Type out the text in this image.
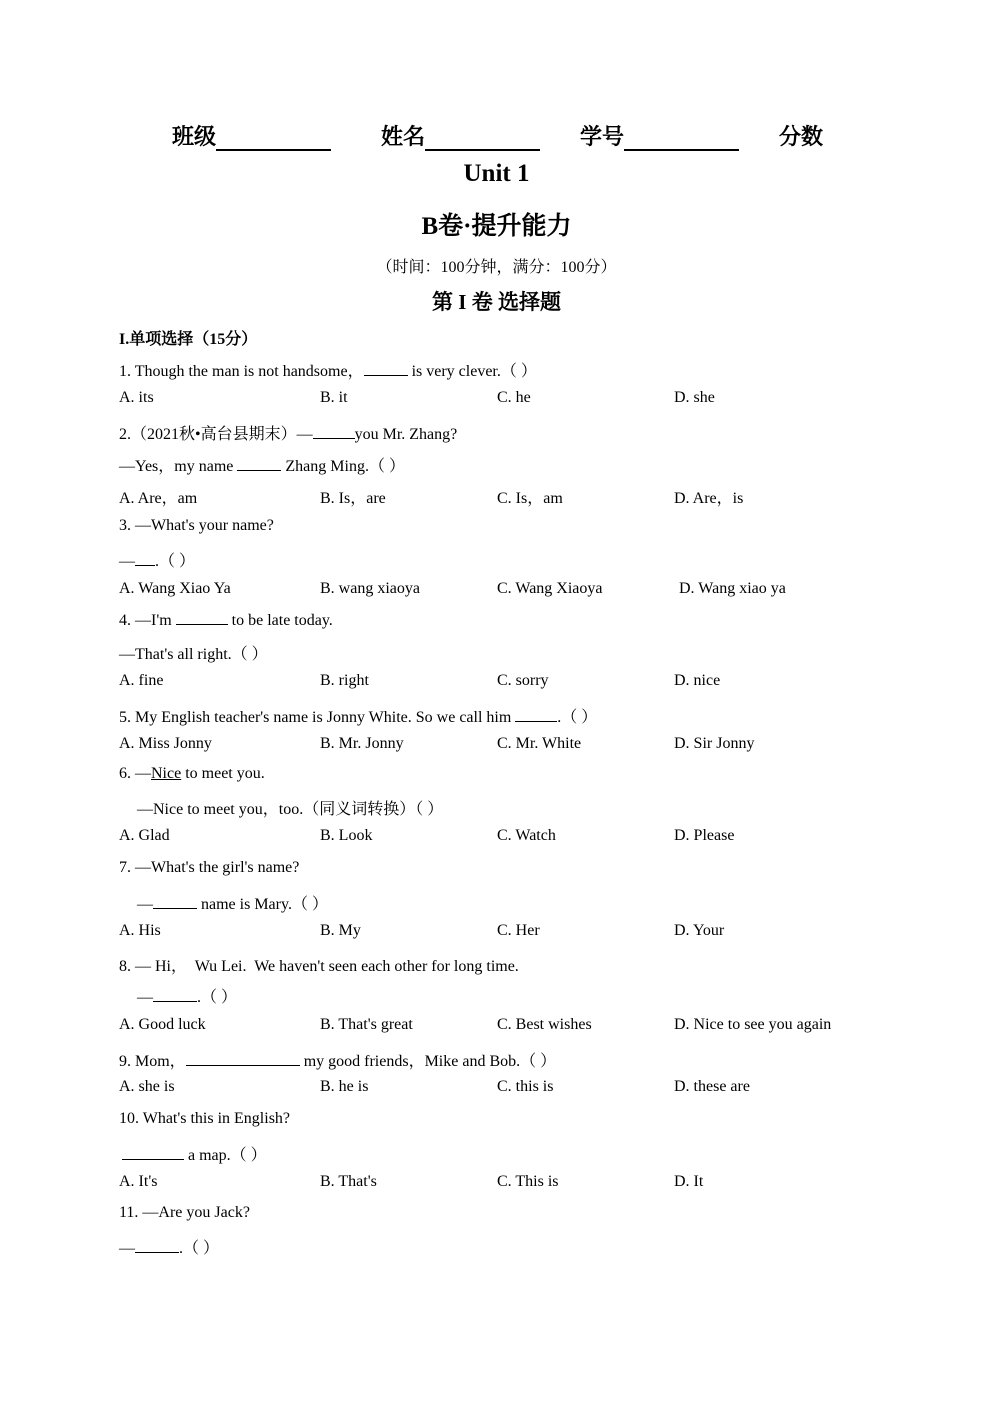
班级	姓名	学号	分数
Unit 1
B卷·提升能力
（时间：100分钟，满分：100分）
第 I 卷 选择题
I.单项选择（15分）
1. Though the man is not handsome，	is very clever.（ ）
A. its	B. it	C. he	D. she
2.（2021秋•高台县期末）—	you Mr. Zhang?
—Yes，my name	Zhang Ming.（ ）
A. Are，am	B. Is，are	C. Is，am	D. Are，is
3. —What's your name?
— .（ ）
A. Wang Xiao Ya	B. wang xiaoya	C. Wang Xiaoya	D. Wang xiao ya
4. —I'm	to be late today.
—That's all right.（ ）
A. fine	B. right	C. sorry	D. nice
5. My English teacher's name is Jonny White. So we call him	.（ ）
A. Miss Jonny	B. Mr. Jonny	C. Mr. White	D. Sir Jonny
6. —Nice to meet you.
—Nice to meet you，too.（同义词转换）（ ）
A. Glad	B. Look	C. Watch	D. Please
7. —What's the girl's name?
—	name is Mary.（ ）
A. His	B. My	C. Her	D. Your
8. — Hi，  Wu Lei.  We haven't seen each other for long time.
—	.（ ）
A. Good luck	B. That's great	C. Best wishes	D. Nice to see you again
9. Mom，	my good friends，Mike and Bob.（ ）
A. she is	B. he is	C. this is	D. these are
10. What's this in English?
a map.（ ）
A. It's	B. That's	C. This is	D. It
11. —Are you Jack?
—	.（ ）
